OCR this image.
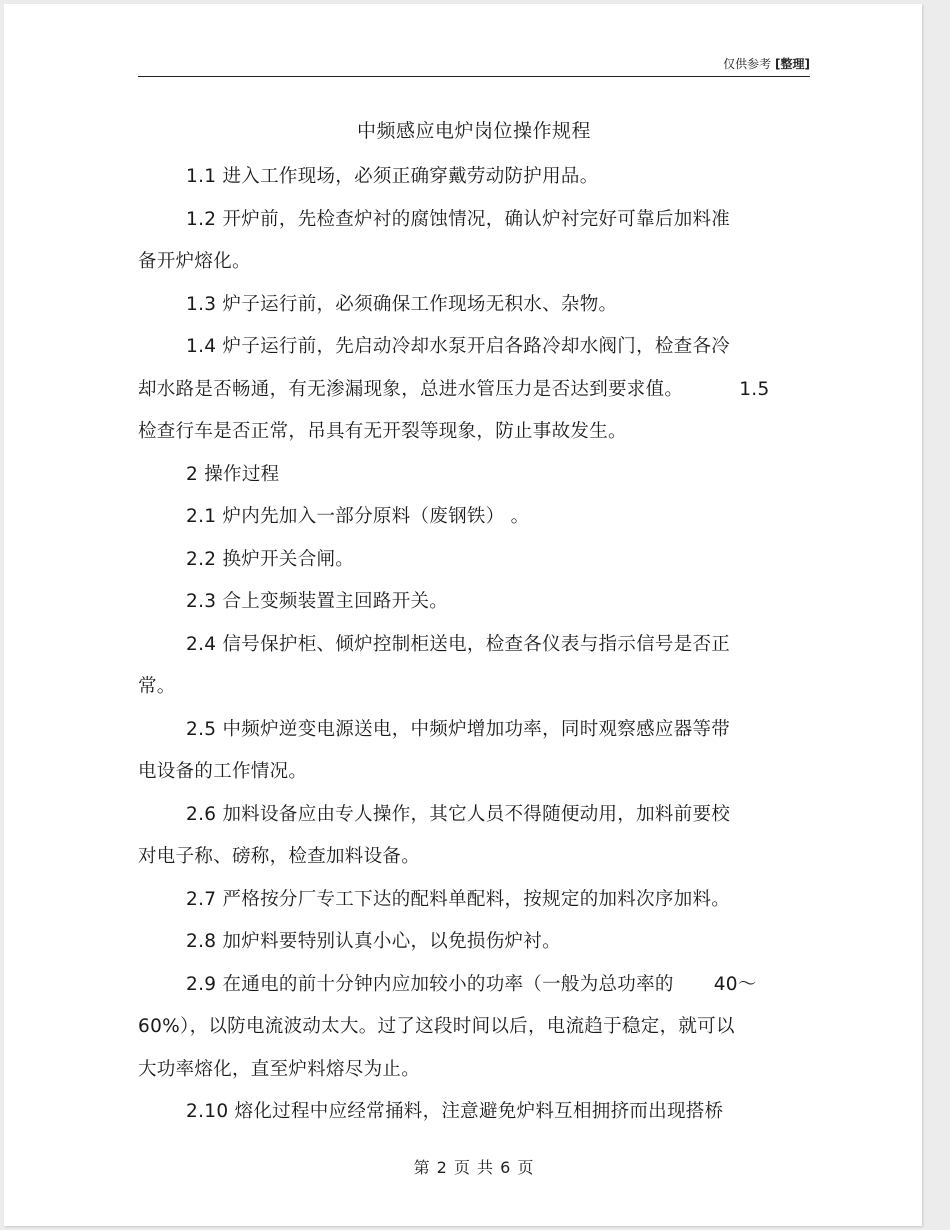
仅供参考 [整理]
中频感应电炉岗位操作规程

1.1 进入工作现场，必须正确穿戴劳动防护用品。

1.2 开炉前，先检查炉衬的腐蚀情况，确认炉衬完好可靠后加料准

备开炉熔化。

1.3 炉子运行前，必须确保工作现场无积水、杂物。

1.4 炉子运行前，先启动冷却水泵开启各路冷却水阀门，检查各冷

却水路是否畅通，有无渗漏现象，总进水管压力是否达到要求值。	1.5

检查行车是否正常，吊具有无开裂等现象，防止事故发生。

2 操作过程

2.1 炉内先加入一部分原料（废钢铁） 。

2.2 换炉开关合闸。

2.3 合上变频装置主回路开关。

2.4 信号保护柜、倾炉控制柜送电，检查各仪表与指示信号是否正

常。

2.5 中频炉逆变电源送电，中频炉增加功率，同时观察感应器等带

电设备的工作情况。

2.6 加料设备应由专人操作，其它人员不得随便动用，加料前要校

对电子称、磅称，检查加料设备。

2.7 严格按分厂专工下达的配料单配料，按规定的加料次序加料。

2.8 加炉料要特别认真小心，以免损伤炉衬。

2.9 在通电的前十分钟内应加较小的功率（一般为总功率的 40～

60%），以防电流波动太大。过了这段时间以后，电流趋于稳定，就可以

大功率熔化，直至炉料熔尽为止。

2.10 熔化过程中应经常捅料，注意避免炉料互相拥挤而出现搭桥

第 2 页 共 6 页
